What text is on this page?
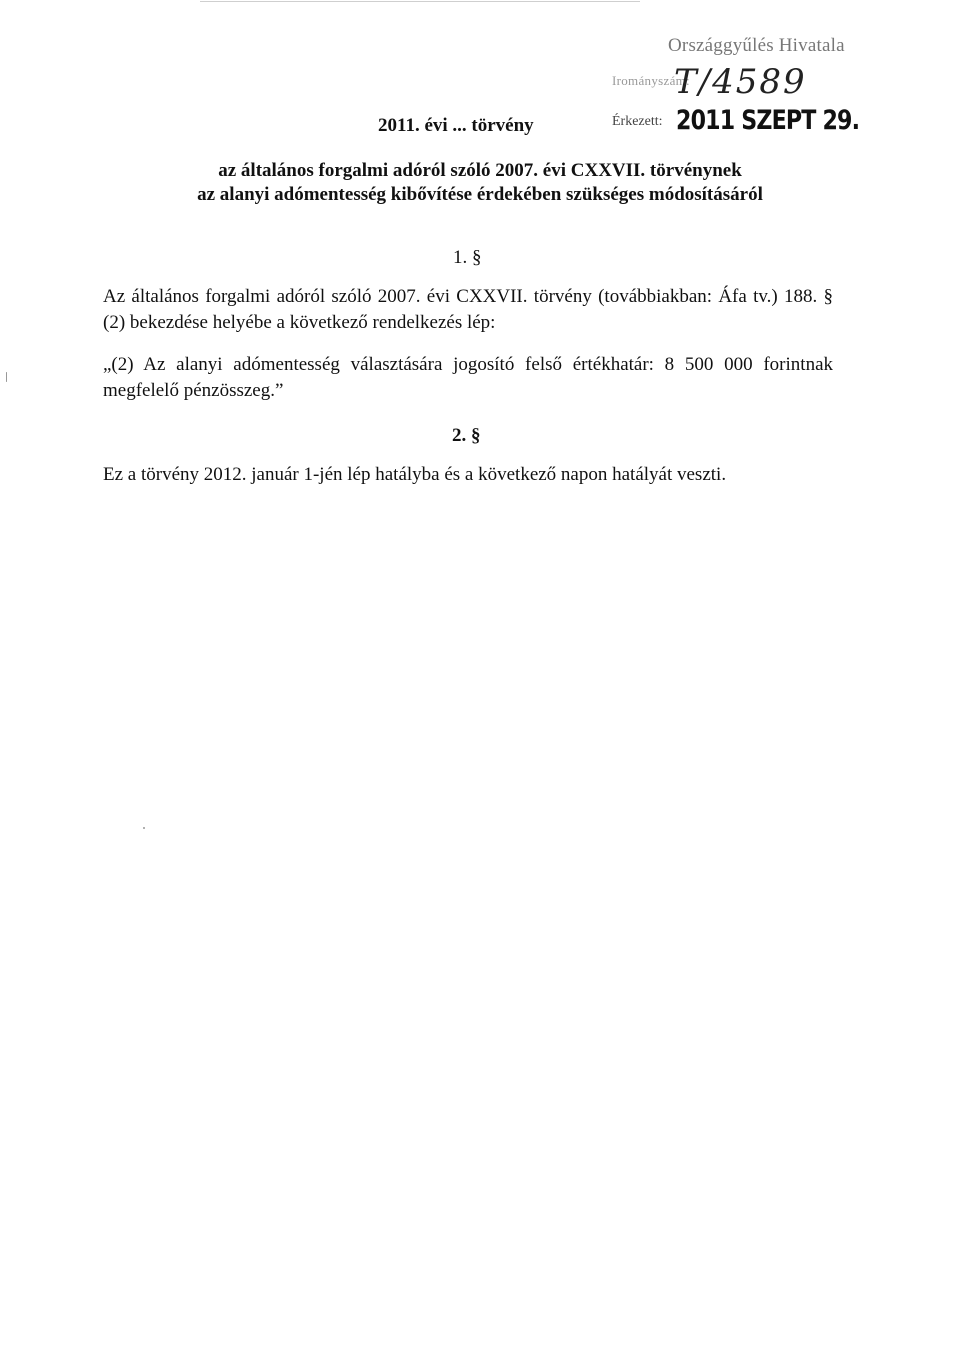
Országgyűlés Hivatala
Irományszám:
T/4589
Érkezett: 2011 SZEPT 29.
2011. évi ... törvény
az általános forgalmi adóról szóló 2007. évi CXXVII. törvénynek
az alanyi adómentesség kibővítése érdekében szükséges módosításáról
1. §
Az általános forgalmi adóról szóló 2007. évi CXXVII. törvény (továbbiakban: Áfa tv.) 188. §
(2) bekezdése helyébe a következő rendelkezés lép:
„(2) Az alanyi adómentesség választására jogosító felső értékhatár: 8 500 000 forintnak
megfelelő pénzösszeg.”
2. §
Ez a törvény 2012. január 1-jén lép hatályba és a következő napon hatályát veszti.
